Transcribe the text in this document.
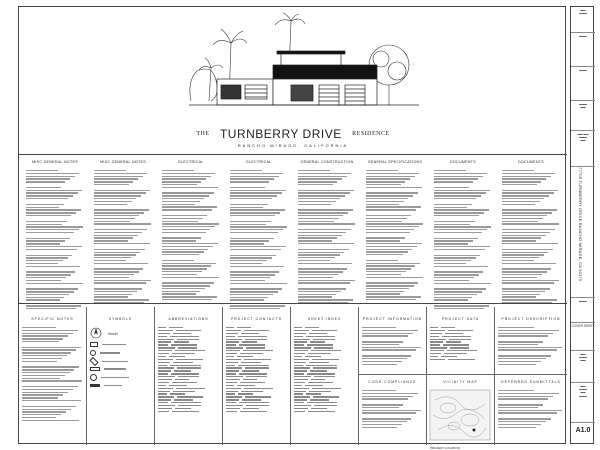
THE TURNBERRY DRIVE RESIDENCE
RANCHO MIRAGE, CALIFORNIA
MISC GENERAL NOTES	MISC GENERAL NOTES	ELECTRICAL	ELECTRICAL	GENERAL CONSTRUCTION	GENERAL SPECIFICATIONS	DOCUMENTS	DOCUMENTS
SPECIFIC NOTES	SYMBOLS
North
ABBREVIATIONS	PROJECT CONTACTS	SHEET INDEX	PROJECT INFORMATION
CODE COMPLIANCE
PROJECT DATA
VICINITY MAP
PROJECT LOCATION
PROJECT DESCRIPTION
DEFERRED SUBMITTALS
▬▬
▬▬▬
▬▬▬
▬▬▬
▬▬▬
▬▬
▬▬ ▬▬
▬▬▬
▬▬
77705 TURNBERRY DRIVE RANCHO MIRAGE, CA 92270
▬▬▬
COVER SHEET
▬▬
▬▬▬
▬▬
▬▬
▬▬▬
▬▬
▬▬▬
A1.0
